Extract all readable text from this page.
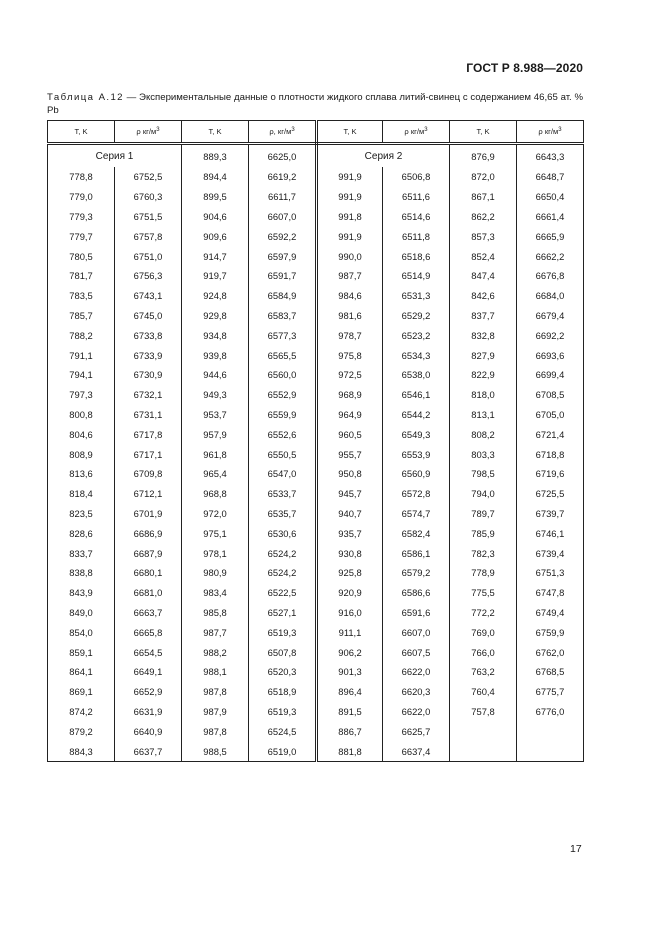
ГОСТ Р 8.988—2020
Таблица А.12 — Экспериментальные данные о плотности жидкого сплава литий-свинец с содержанием 46,65 ат. % Pb
T, K	ρ $кг/м^3$	T, K	ρ, $кг/м^3$	T, K	ρ $кг/м^3$	T, K	ρ $кг/м^3$
Серия 1		889,3	6625,0	Серия 2		876,9	6643,3
778,8	6752,5	894,4	6619,2	991,9	6506,8	872,0	6648,7
779,0	6760,3	899,5	6611,7	991,9	6511,6	867,1	6650,4
779,3	6751,5	904,6	6607,0	991,8	6514,6	862,2	6661,4
779,7	6757,8	909,6	6592,2	991,9	6511,8	857,3	6665,9
780,5	6751,0	914,7	6597,9	990,0	6518,6	852,4	6662,2
781,7	6756,3	919,7	6591,7	987,7	6514,9	847,4	6676,8
783,5	6743,1	924,8	6584,9	984,6	6531,3	842,6	6684,0
785,7	6745,0	929,8	6583,7	981,6	6529,2	837,7	6679,4
788,2	6733,8	934,8	6577,3	978,7	6523,2	832,8	6692,2
791,1	6733,9	939,8	6565,5	975,8	6534,3	827,9	6693,6
794,1	6730,9	944,6	6560,0	972,5	6538,0	822,9	6699,4
797,3	6732,1	949,3	6552,9	968,9	6546,1	818,0	6708,5
800,8	6731,1	953,7	6559,9	964,9	6544,2	813,1	6705,0
804,6	6717,8	957,9	6552,6	960,5	6549,3	808,2	6721,4
808,9	6717,1	961,8	6550,5	955,7	6553,9	803,3	6718,8
813,6	6709,8	965,4	6547,0	950,8	6560,9	798,5	6719,6
818,4	6712,1	968,8	6533,7	945,7	6572,8	794,0	6725,5
823,5	6701,9	972,0	6535,7	940,7	6574,7	789,7	6739,7
828,6	6686,9	975,1	6530,6	935,7	6582,4	785,9	6746,1
833,7	6687,9	978,1	6524,2	930,8	6586,1	782,3	6739,4
838,8	6680,1	980,9	6524,2	925,8	6579,2	778,9	6751,3
843,9	6681,0	983,4	6522,5	920,9	6586,6	775,5	6747,8
849,0	6663,7	985,8	6527,1	916,0	6591,6	772,2	6749,4
854,0	6665,8	987,7	6519,3	911,1	6607,0	769,0	6759,9
859,1	6654,5	988,2	6507,8	906,2	6607,5	766,0	6762,0
864,1	6649,1	988,1	6520,3	901,3	6622,0	763,2	6768,5
869,1	6652,9	987,8	6518,9	896,4	6620,3	760,4	6775,7
874,2	6631,9	987,9	6519,3	891,5	6622,0	757,8	6776,0
879,2	6640,9	987,8	6524,5	886,7	6625,7		
884,3	6637,7	988,5	6519,0	881,8	6637,4		
17
